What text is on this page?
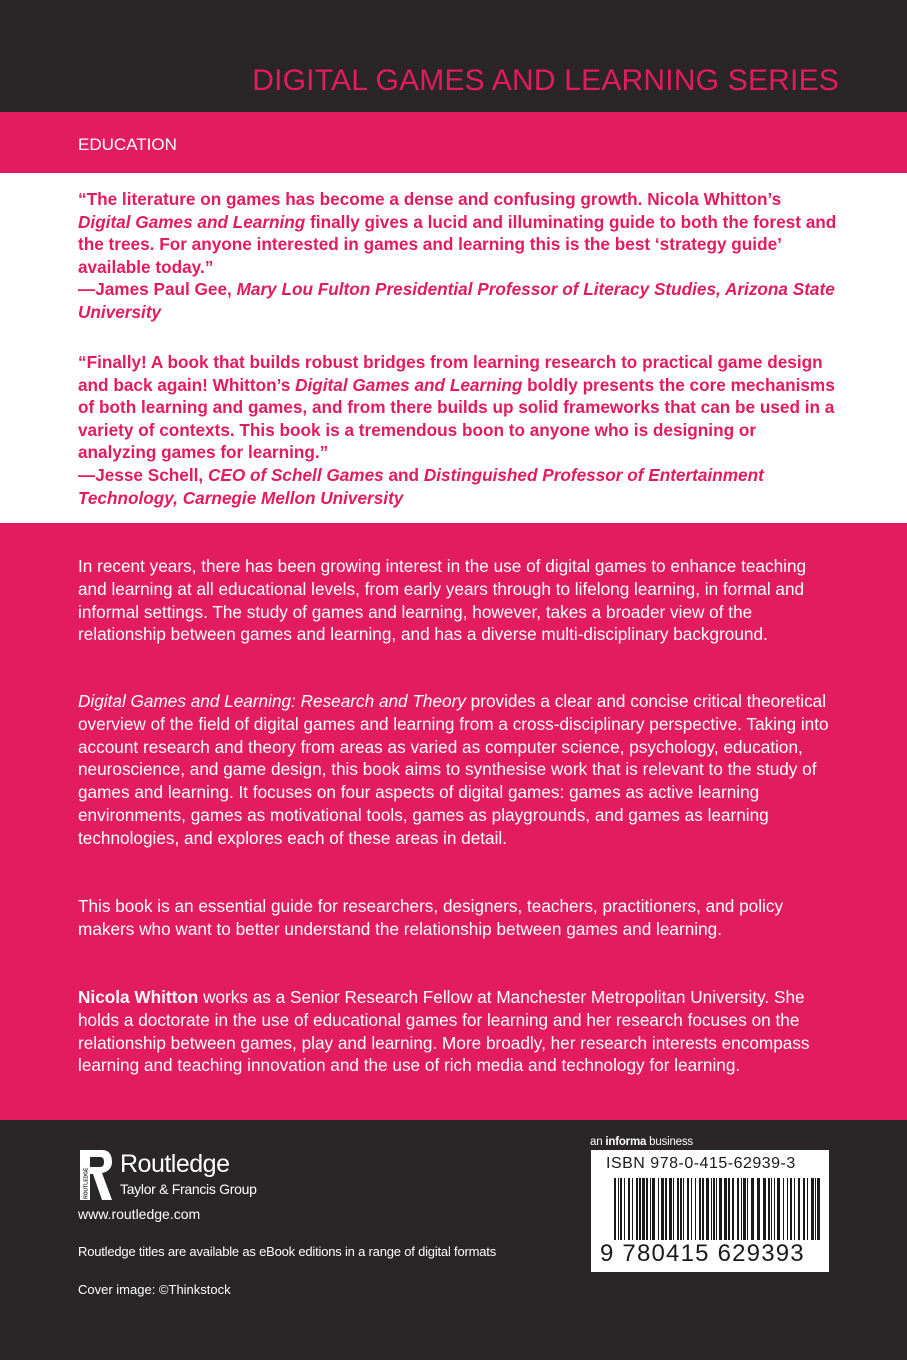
DIGITAL GAMES AND LEARNING SERIES
EDUCATION

“The literature on games has become a dense and confusing growth. Nicola Whitton’s Digital Games and Learning finally gives a lucid and illuminating guide to both the forest and the trees. For anyone interested in games and learning this is the best ‘strategy guide’ available today.”

—James Paul Gee, Mary Lou Fulton Presidential Professor of Literacy Studies, Arizona State University

“Finally! A book that builds robust bridges from learning research to practical game design and back again! Whitton’s Digital Games and Learning boldly presents the core mechanisms of both learning and games, and from there builds up solid frameworks that can be used in a variety of contexts. This book is a tremendous boon to anyone who is designing or analyzing games for learning.”

—Jesse Schell, CEO of Schell Games and Distinguished Professor of Entertainment Technology, Carnegie Mellon University

In recent years, there has been growing interest in the use of digital games to enhance teaching and learning at all educational levels, from early years through to lifelong learning, in formal and informal settings. The study of games and learning, however, takes a broader view of the relationship between games and learning, and has a diverse multi-disciplinary background.

Digital Games and Learning: Research and Theory provides a clear and concise critical theoretical overview of the field of digital games and learning from a cross-disciplinary perspective. Taking into account research and theory from areas as varied as computer science, psychology, education, neuroscience, and game design, this book aims to synthesise work that is relevant to the study of games and learning. It focuses on four aspects of digital games: games as active learning environments, games as motivational tools, games as playgrounds, and games as learning technologies, and explores each of these areas in detail.

This book is an essential guide for researchers, designers, teachers, practitioners, and policy makers who want to better understand the relationship between games and learning.

Nicola Whitton works as a Senior Research Fellow at Manchester Metropolitan University. She holds a doctorate in the use of educational games for learning and her research focuses on the relationship between games, play and learning. More broadly, her research interests encompass learning and teaching innovation and the use of rich media and technology for learning.

ROUTLEDGE
Routledge
Taylor & Francis Group
www.routledge.com
Routledge titles are available as eBook editions in a range of digital formats
Cover image: ©Thinkstock
an informa business
ISBN 978-0-415-62939-3
9 780415 629393
